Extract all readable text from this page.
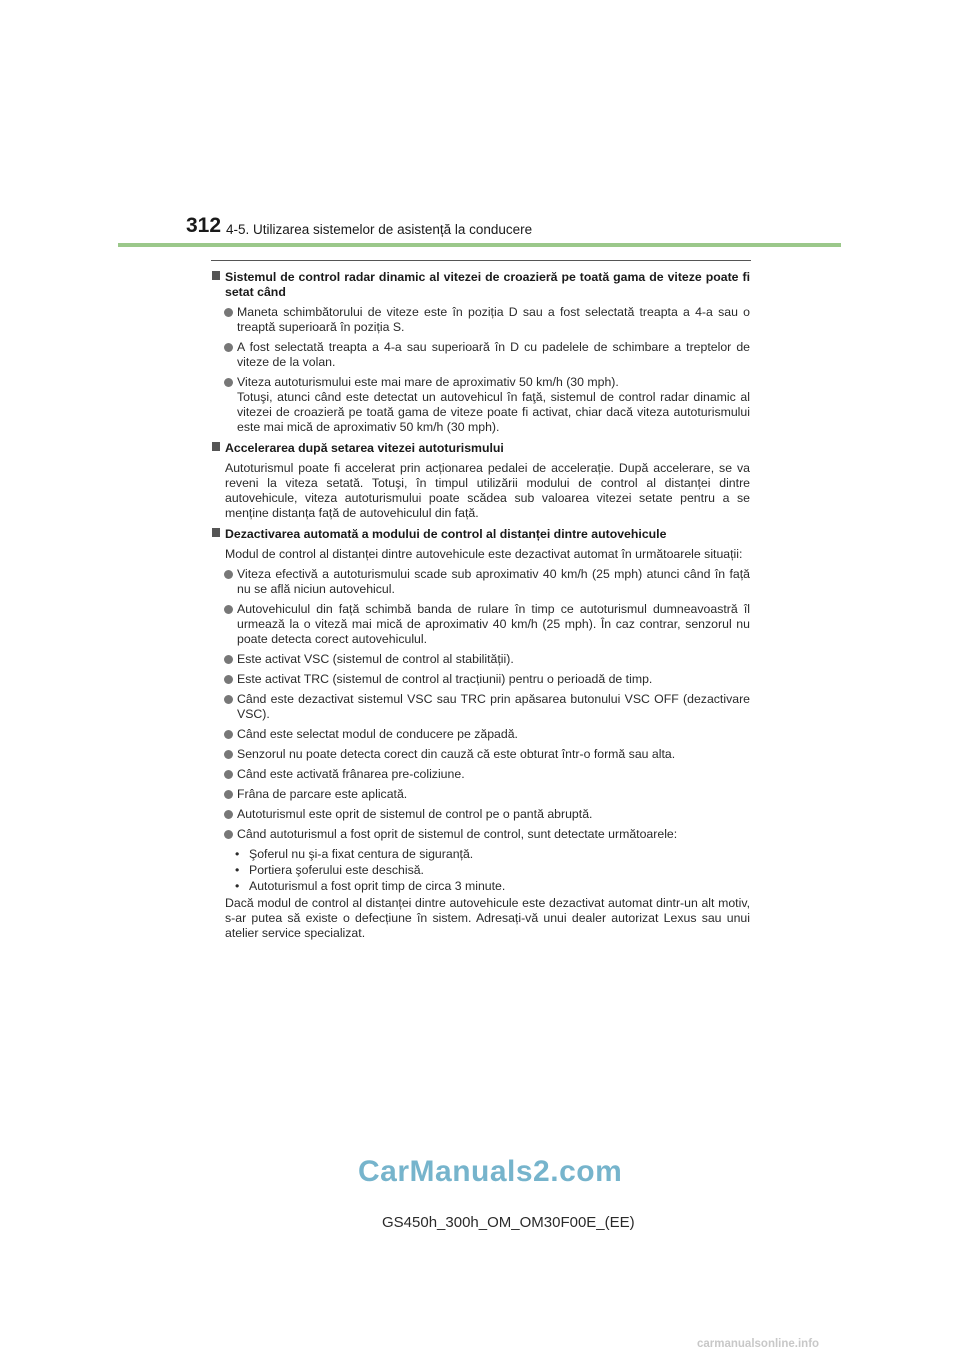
312 4-5. Utilizarea sistemelor de asistență la conducere
Sistemul de control radar dinamic al vitezei de croazieră pe toată gama de viteze poate fi setat când
Maneta schimbătorului de viteze este în poziția D sau a fost selectată treapta a 4-a sau o treaptă superioară în poziția S.
A fost selectată treapta a 4-a sau superioară în D cu padelele de schimbare a treptelor de viteze de la volan.
Viteza autoturismului este mai mare de aproximativ 50 km/h (30 mph).
Totuşi, atunci când este detectat un autovehicul în faţă, sistemul de control radar dinamic al vitezei de croazieră pe toată gama de viteze poate fi activat, chiar dacă viteza autoturismului este mai mică de aproximativ 50 km/h (30 mph).
Accelerarea după setarea vitezei autoturismului
Autoturismul poate fi accelerat prin acționarea pedalei de accelerație. După accelerare, se va reveni la viteza setată. Totuşi, în timpul utilizării modului de control al distanței dintre autovehicule, viteza autoturismului poate scădea sub valoarea vitezei setate pentru a se menține distanța față de autovehiculul din față.
Dezactivarea automată a modului de control al distanței dintre autovehicule
Modul de control al distanței dintre autovehicule este dezactivat automat în următoarele situații:
Viteza efectivă a autoturismului scade sub aproximativ 40 km/h (25 mph) atunci când în față nu se află niciun autovehicul.
Autovehiculul din față schimbă banda de rulare în timp ce autoturismul dumneavoastră îl urmează la o viteză mai mică de aproximativ 40 km/h (25 mph). În caz contrar, senzorul nu poate detecta corect autovehiculul.
Este activat VSC (sistemul de control al stabilității).
Este activat TRC (sistemul de control al tracțiunii) pentru o perioadă de timp.
Când este dezactivat sistemul VSC sau TRC prin apăsarea butonului VSC OFF (dezactivare VSC).
Când este selectat modul de conducere pe zăpadă.
Senzorul nu poate detecta corect din cauză că este obturat într-o formă sau alta.
Când este activată frânarea pre-coliziune.
Frâna de parcare este aplicată.
Autoturismul este oprit de sistemul de control pe o pantă abruptă.
Când autoturismul a fost oprit de sistemul de control, sunt detectate următoarele:
• Şoferul nu şi-a fixat centura de siguranță.
• Portiera şoferului este deschisă.
• Autoturismul a fost oprit timp de circa 3 minute.
Dacă modul de control al distanței dintre autovehicule este dezactivat automat dintr-un alt motiv, s-ar putea să existe o defecțiune în sistem. Adresați-vă unui dealer autorizat Lexus sau unui atelier service specializat.
CarManuals2.com
GS450h_300h_OM_OM30F00E_(EE)
carmanualsonline.info
